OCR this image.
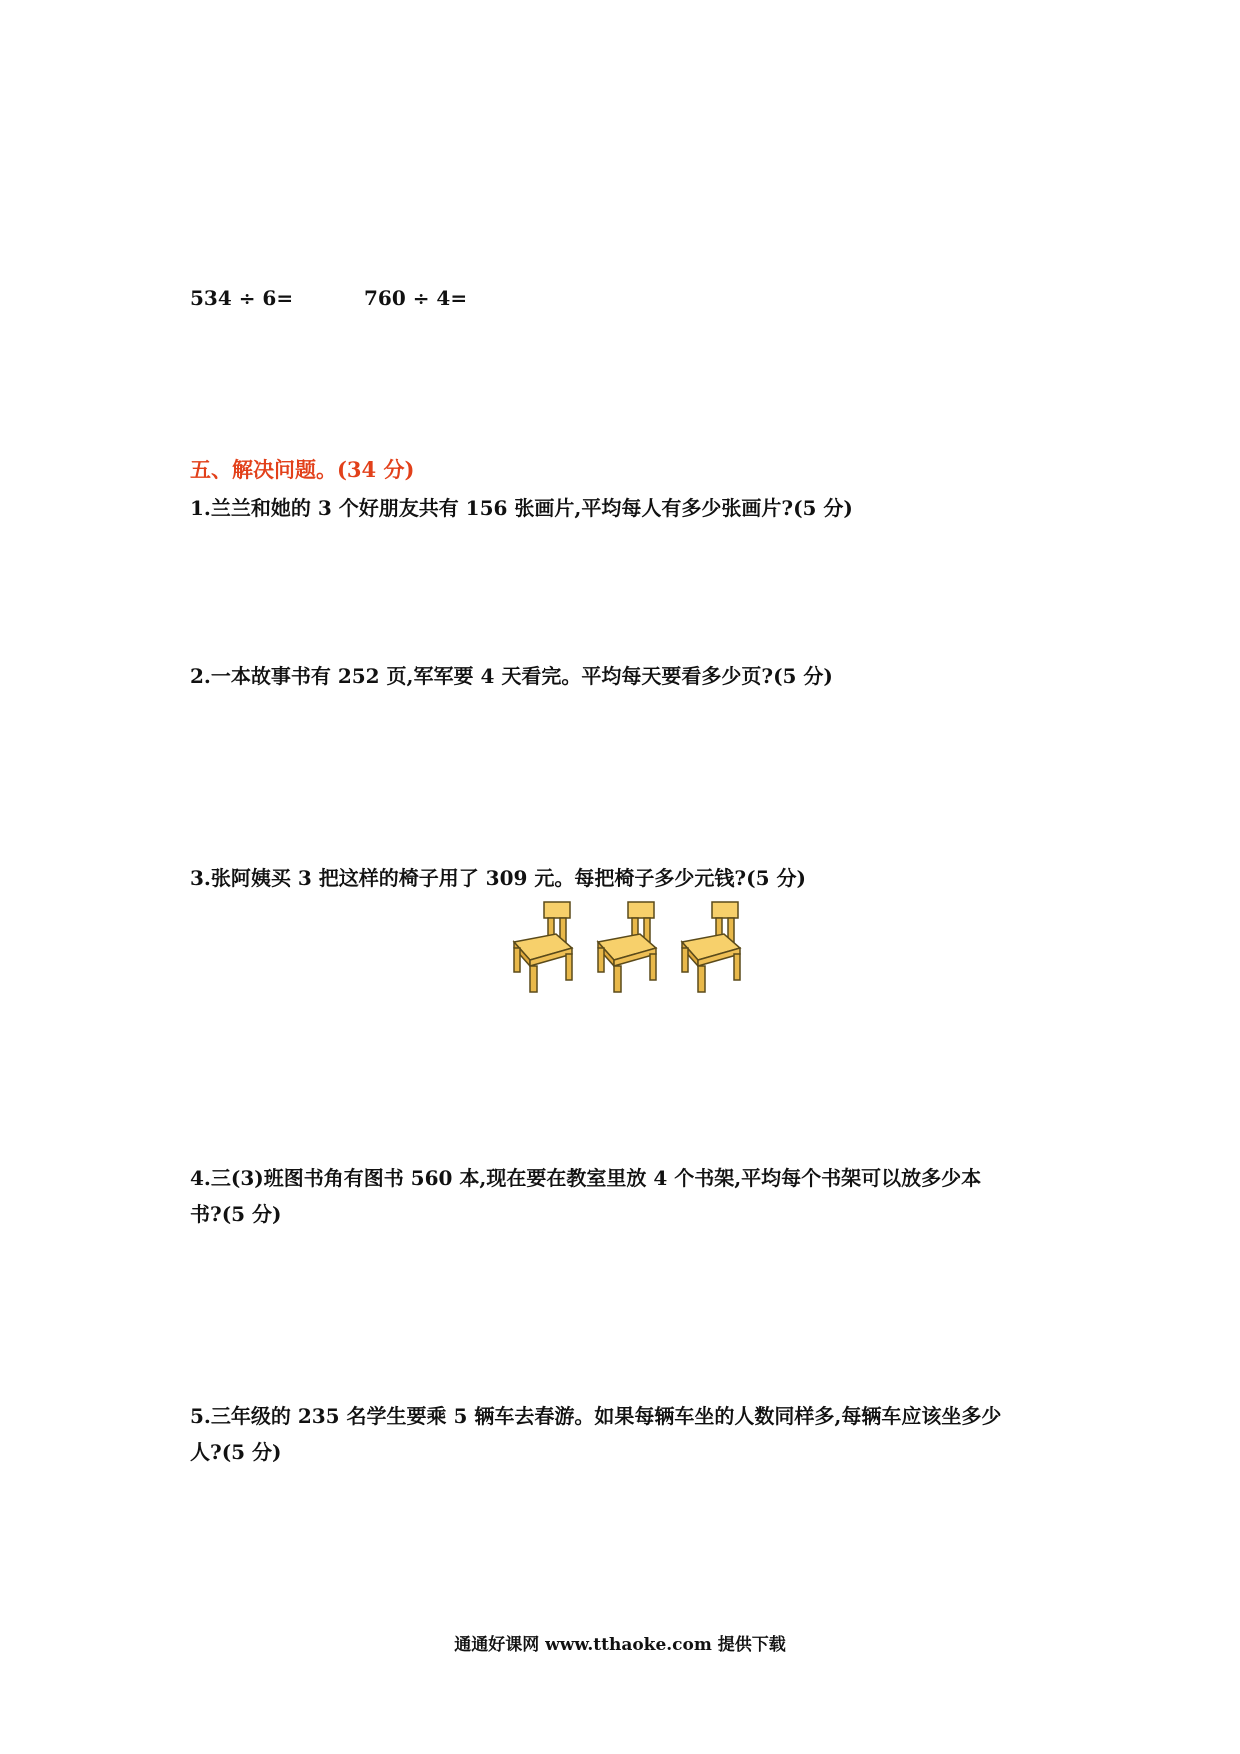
534 ÷ 6=	760 ÷ 4=
五、解决问题。(34 分)
1.兰兰和她的 3 个好朋友共有 156 张画片,平均每人有多少张画片?(5 分)
2.一本故事书有 252 页,军军要 4 天看完。平均每天要看多少页?(5 分)
3.张阿姨买 3 把这样的椅子用了 309 元。每把椅子多少元钱?(5 分)
4.三(3)班图书角有图书 560 本,现在要在教室里放 4 个书架,平均每个书架可以放多少本
书?(5 分)
5.三年级的 235 名学生要乘 5 辆车去春游。如果每辆车坐的人数同样多,每辆车应该坐多少
人?(5 分)
通通好课网 www.tthaoke.com 提供下载
